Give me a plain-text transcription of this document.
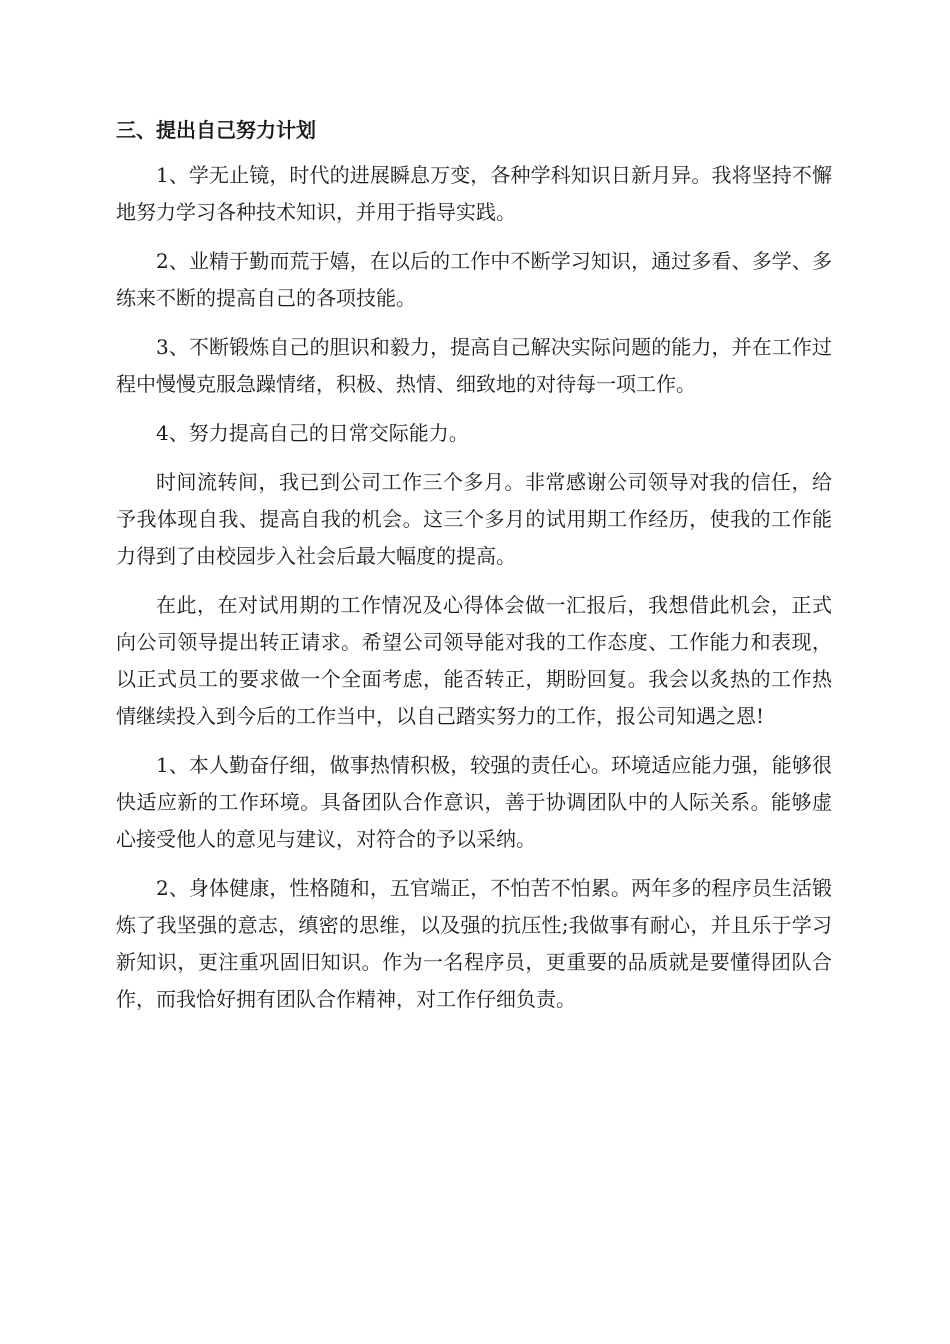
三、提出自己努力计划

1、学无止镜，时代的进展瞬息万变，各种学科知识日新月异。我将坚持不懈地努力学习各种技术知识，并用于指导实践。

2、业精于勤而荒于嬉，在以后的工作中不断学习知识，通过多看、多学、多练来不断的提高自己的各项技能。

3、不断锻炼自己的胆识和毅力，提高自己解决实际问题的能力，并在工作过程中慢慢克服急躁情绪，积极、热情、细致地的对待每一项工作。

4、努力提高自己的日常交际能力。

时间流转间，我已到公司工作三个多月。非常感谢公司领导对我的信任，给予我体现自我、提高自我的机会。这三个多月的试用期工作经历，使我的工作能力得到了由校园步入社会后最大幅度的提高。

在此，在对试用期的工作情况及心得体会做一汇报后，我想借此机会，正式向公司领导提出转正请求。希望公司领导能对我的工作态度、工作能力和表现，以正式员工的要求做一个全面考虑，能否转正，期盼回复。我会以炙热的工作热情继续投入到今后的工作当中，以自己踏实努力的工作，报公司知遇之恩!

1、本人勤奋仔细，做事热情积极，较强的责任心。环境适应能力强，能够很快适应新的工作环境。具备团队合作意识，善于协调团队中的人际关系。能够虚心接受他人的意见与建议，对符合的予以采纳。

2、身体健康，性格随和，五官端正，不怕苦不怕累。两年多的程序员生活锻炼了我坚强的意志，缜密的思维，以及强的抗压性;我做事有耐心，并且乐于学习新知识，更注重巩固旧知识。作为一名程序员，更重要的品质就是要懂得团队合作，而我恰好拥有团队合作精神，对工作仔细负责。
